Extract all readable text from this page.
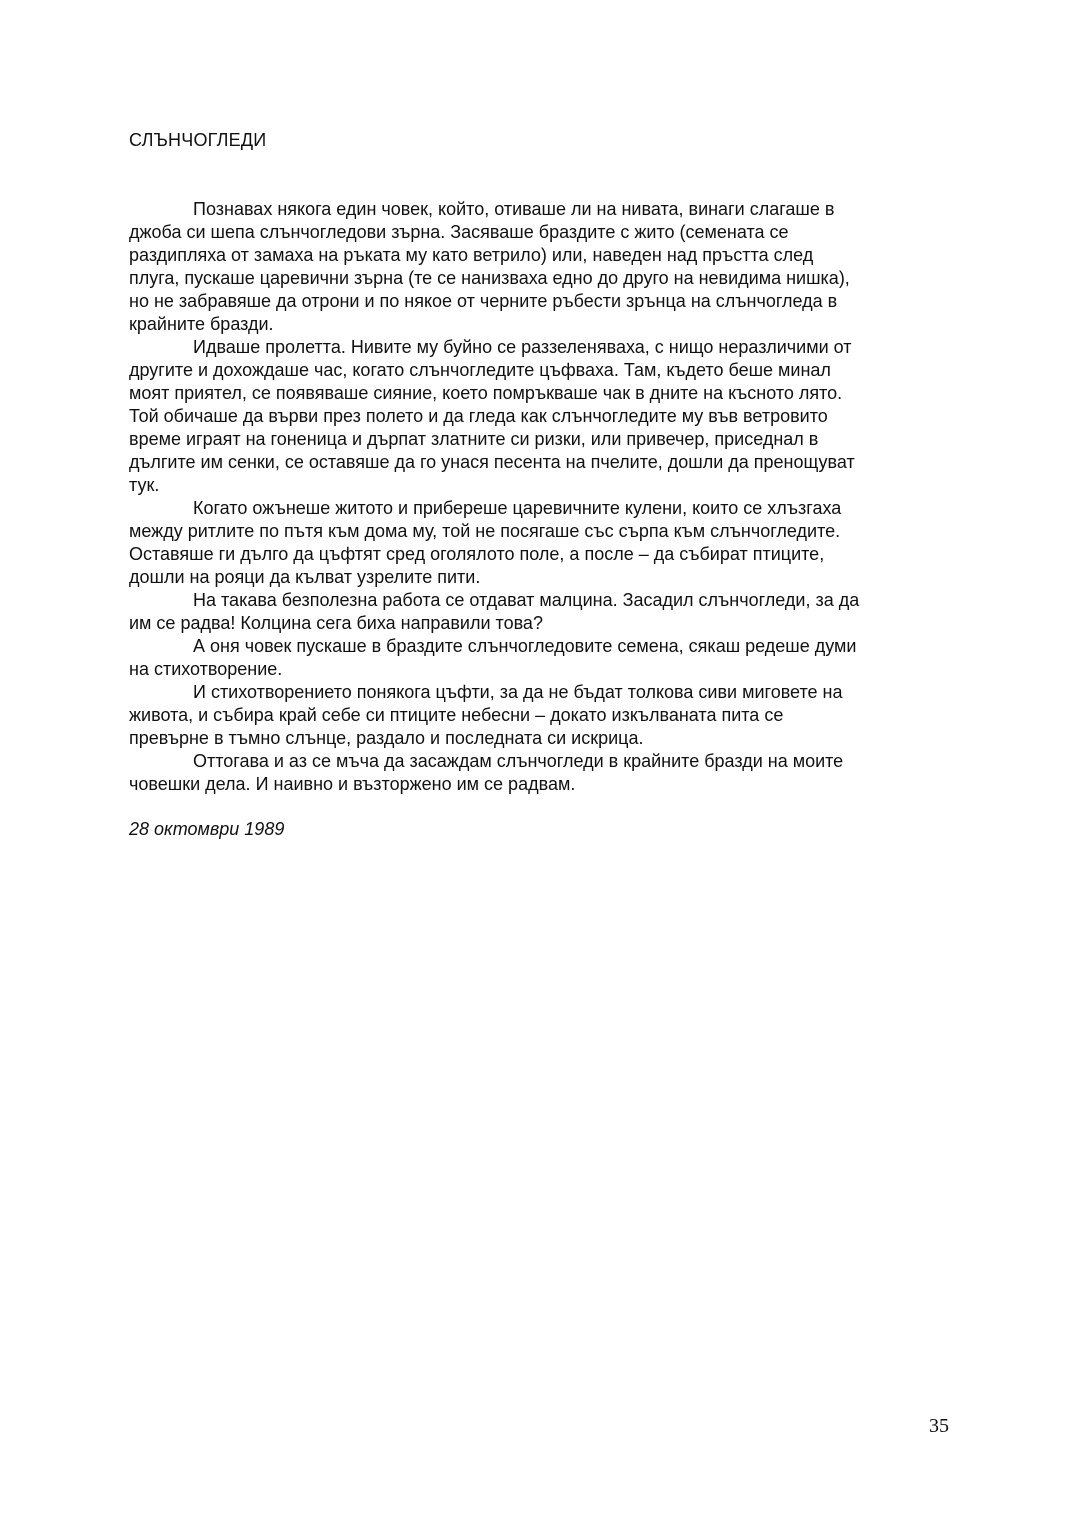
СЛЪНЧОГЛЕДИ
Познавах някога един човек, който, отиваше ли на нивата, винаги слагаше в
джоба си шепа слънчогледови зърна. Засяваше браздите с жито (семената се
раздипляха от замаха на ръката му като ветрило) или, наведен над пръстта след
плуга, пускаше царевични зърна (те се нанизваха едно до друго на невидима нишка),
но не забравяше да отрони и по някое от черните ръбести зрънца на слънчогледа в
крайните бразди.
Идваше пролетта. Нивите му буйно се раззеленяваха, с нищо неразличими от
другите и дохождаше час, когато слънчогледите цъфваха. Там, където беше минал
моят приятел, се появяваше сияние, което помръкваше чак в дните на късното лято.
Той обичаше да върви през полето и да гледа как слънчогледите му във ветровито
време играят на гоненица и дърпат златните си ризки, или привечер, приседнал в
дългите им сенки, се оставяше да го унася песента на пчелите, дошли да пренощуват
тук.
Когато ожънеше житото и прибереше царевичните кулени, които се хлъзгаха
между ритлите по пътя към дома му, той не посягаше със сърпа към слънчогледите.
Оставяше ги дълго да цъфтят сред оголялото поле, а после – да събират птиците,
дошли на рояци да кълват узрелите пити.
На такава безполезна работа се отдават малцина. Засадил слънчогледи, за да
им се радва! Колцина сега биха направили това?
А оня човек пускаше в браздите слънчогледовите семена, сякаш редеше думи
на стихотворение.
И стихотворението понякога цъфти, за да не бъдат толкова сиви миговете на
живота, и събира край себе си птиците небесни – докато изкълваната пита се
превърне в тъмно слънце, раздало и последната си искрица.
Оттогава и аз се мъча да засаждам слънчогледи в крайните бразди на моите
човешки дела. И наивно и възторжено им се радвам.
28 октомври 1989
35
